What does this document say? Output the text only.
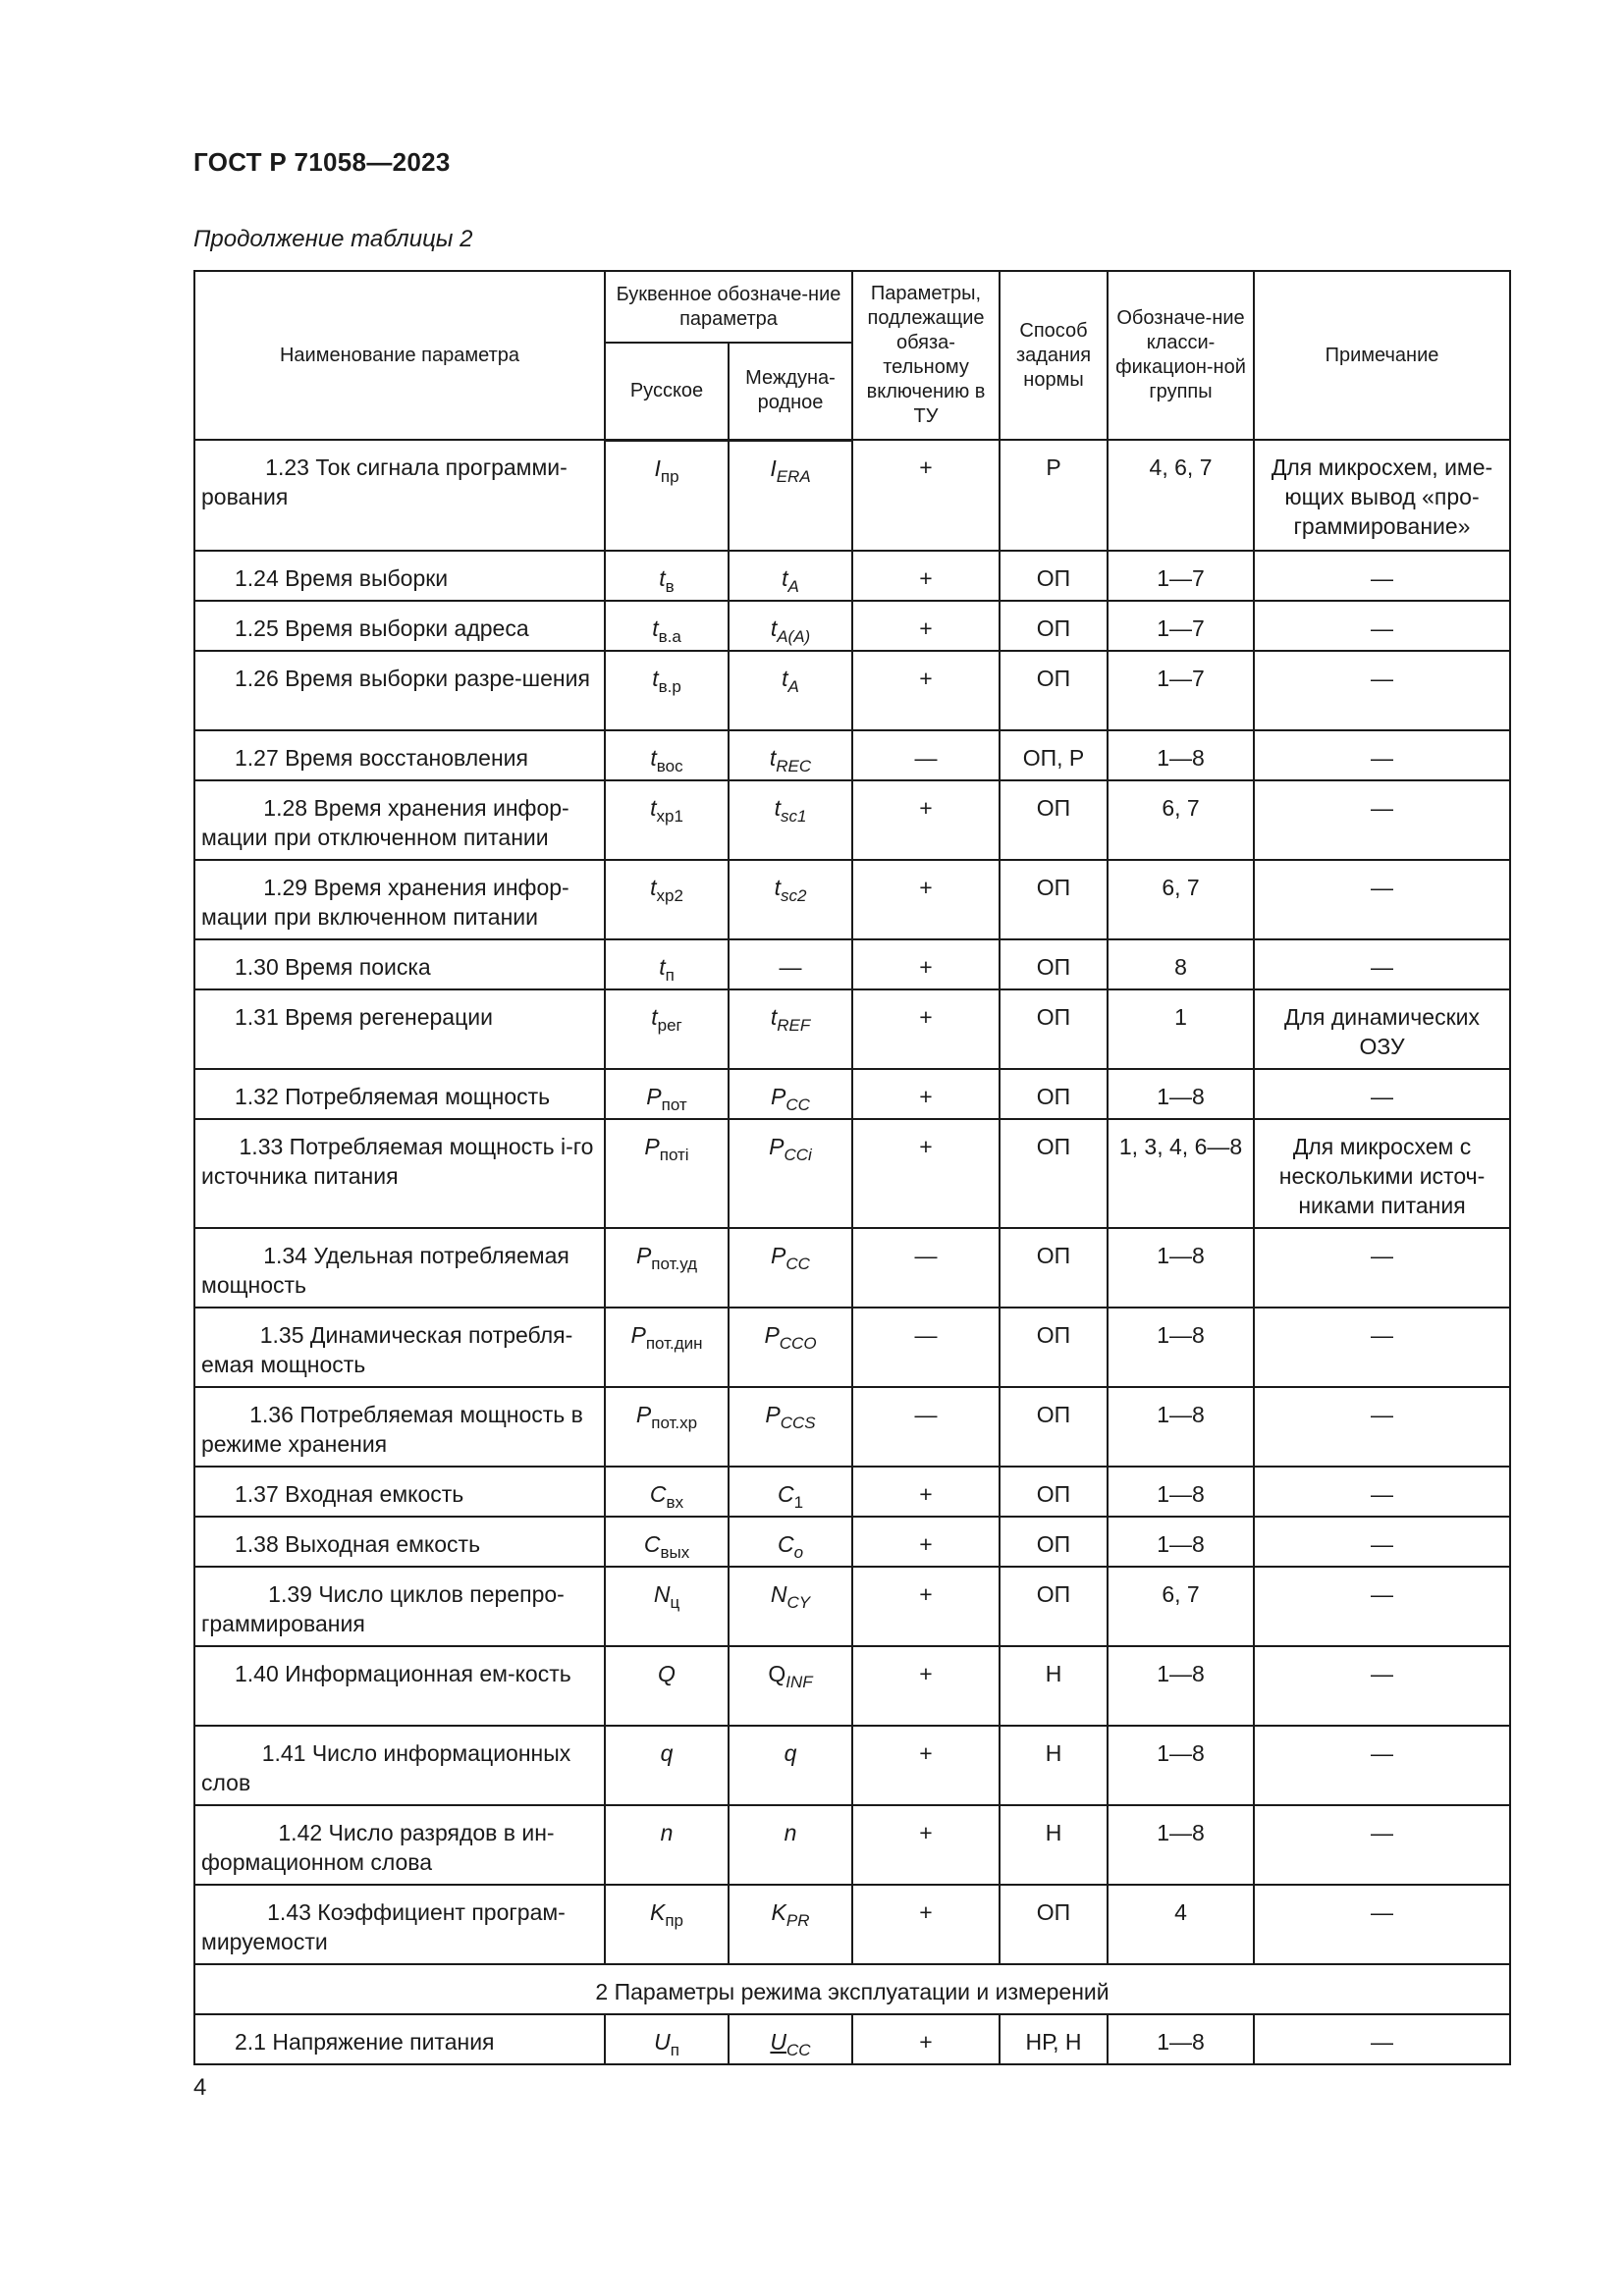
ГОСТ Р 71058—2023
Продолжение таблицы 2
Наименование параметра	Буквенное обозначе-ние параметра		Параметры, подлежащие обяза-тельному включению в ТУ	Способ задания нормы	Обозначе-ние класси-фикацион-ной группы	Примечание
	Русское	Междуна-родное				
1.23 Ток сигнала программи-рования	$I_{пр}$	$I_{ERA}$	+	Р	4, 6, 7	Для микросхем, име-ющих вывод «про-граммирование»
1.24 Время выборки	$t_в$	$t_A$	+	ОП	1—7	—
1.25 Время выборки адреса	$t_{в.а}$	$t_{A(A)}$	+	ОП	1—7	—
1.26 Время выборки разре-шения	$t_{в.р}$	$t_A$	+	ОП	1—7	—
1.27 Время восстановления	$t_{вос}$	$t_{REC}$	—	ОП, Р	1—8	—
1.28 Время хранения инфор-мации при отключенном питании	$t_{хр1}$	$t_{sc1}$	+	ОП	6, 7	—
1.29 Время хранения инфор-мации при включенном питании	$t_{хр2}$	$t_{sc2}$	+	ОП	6, 7	—
1.30 Время поиска	$t_п$	—	+	ОП	8	—
1.31 Время регенерации	$t_{рег}$	$t_{REF}$	+	ОП	1	Для динамических ОЗУ
1.32 Потребляемая мощность	$P_{пот}$	$P_{CC}$	+	ОП	1—8	—
1.33 Потребляемая мощность i-го источника питания	$P_{потi}$	$P_{CCi}$	+	ОП	1, 3, 4, 6—8	Для микросхем с несколькими источ-никами питания
1.34 Удельная потребляемая мощность	$P_{пот.уд}$	$P_{CC}$	—	ОП	1—8	—
1.35 Динамическая потребля-емая мощность	$P_{пот.дин}$	$P_{CCO}$	—	ОП	1—8	—
1.36 Потребляемая мощность в режиме хранения	$P_{пот.хр}$	$P_{CCS}$	—	ОП	1—8	—
1.37 Входная емкость	$C_{вх}$	$C_1$	+	ОП	1—8	—
1.38 Выходная емкость	$C_{вых}$	$C_o$	+	ОП	1—8	—
1.39 Число циклов перепро-граммирования	$N_ц$	$N_{CY}$	+	ОП	6, 7	—
1.40 Информационная ем-кость	Q	$Q_{INF}$	+	Н	1—8	—
1.41 Число информационных слов	q	q	+	Н	1—8	—
1.42 Число разрядов в ин-формационном слова	n	n	+	Н	1—8	—
1.43 Коэффициент програм-мируемости	$K_{пр}$	$K_{PR}$	+	ОП	4	—
2 Параметры режима эксплуатации и измерений						
2.1 Напряжение питания	$U_п$	$U_{CC}$	+	НР, Н	1—8	—
4
